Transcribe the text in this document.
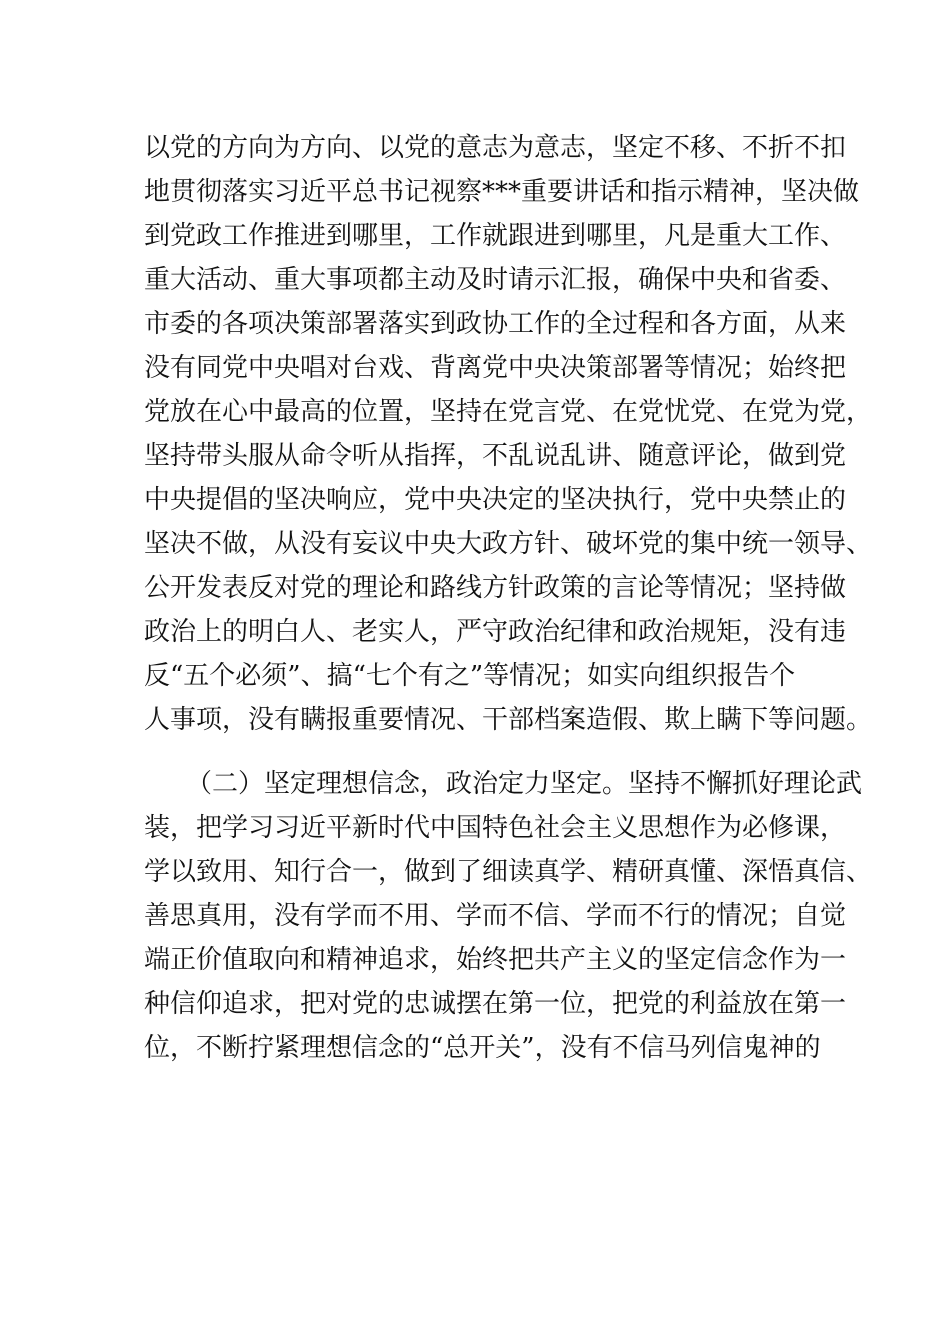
以党的方向为方向、以党的意志为意志，坚定不移、不折不扣
地贯彻落实习近平总书记视察***重要讲话和指示精神，坚决做
到党政工作推进到哪里，工作就跟进到哪里，凡是重大工作、
重大活动、重大事项都主动及时请示汇报，确保中央和省委、
市委的各项决策部署落实到政协工作的全过程和各方面，从来
没有同党中央唱对台戏、背离党中央决策部署等情况；始终把
党放在心中最高的位置，坚持在党言党、在党忧党、在党为党，
坚持带头服从命令听从指挥，不乱说乱讲、随意评论，做到党
中央提倡的坚决响应，党中央决定的坚决执行，党中央禁止的
坚决不做，从没有妄议中央大政方针、破坏党的集中统一领导、
公开发表反对党的理论和路线方针政策的言论等情况；坚持做
政治上的明白人、老实人，严守政治纪律和政治规矩，没有违
反“五个必须”、搞“七个有之”等情况；如实向组织报告个
人事项，没有瞒报重要情况、干部档案造假、欺上瞒下等问题。
（二）坚定理想信念，政治定力坚定。坚持不懈抓好理论武
装，把学习习近平新时代中国特色社会主义思想作为必修课，
学以致用、知行合一，做到了细读真学、精研真懂、深悟真信、
善思真用，没有学而不用、学而不信、学而不行的情况；自觉
端正价值取向和精神追求，始终把共产主义的坚定信念作为一
种信仰追求，把对党的忠诚摆在第一位，把党的利益放在第一
位，不断拧紧理想信念的“总开关”，没有不信马列信鬼神的
